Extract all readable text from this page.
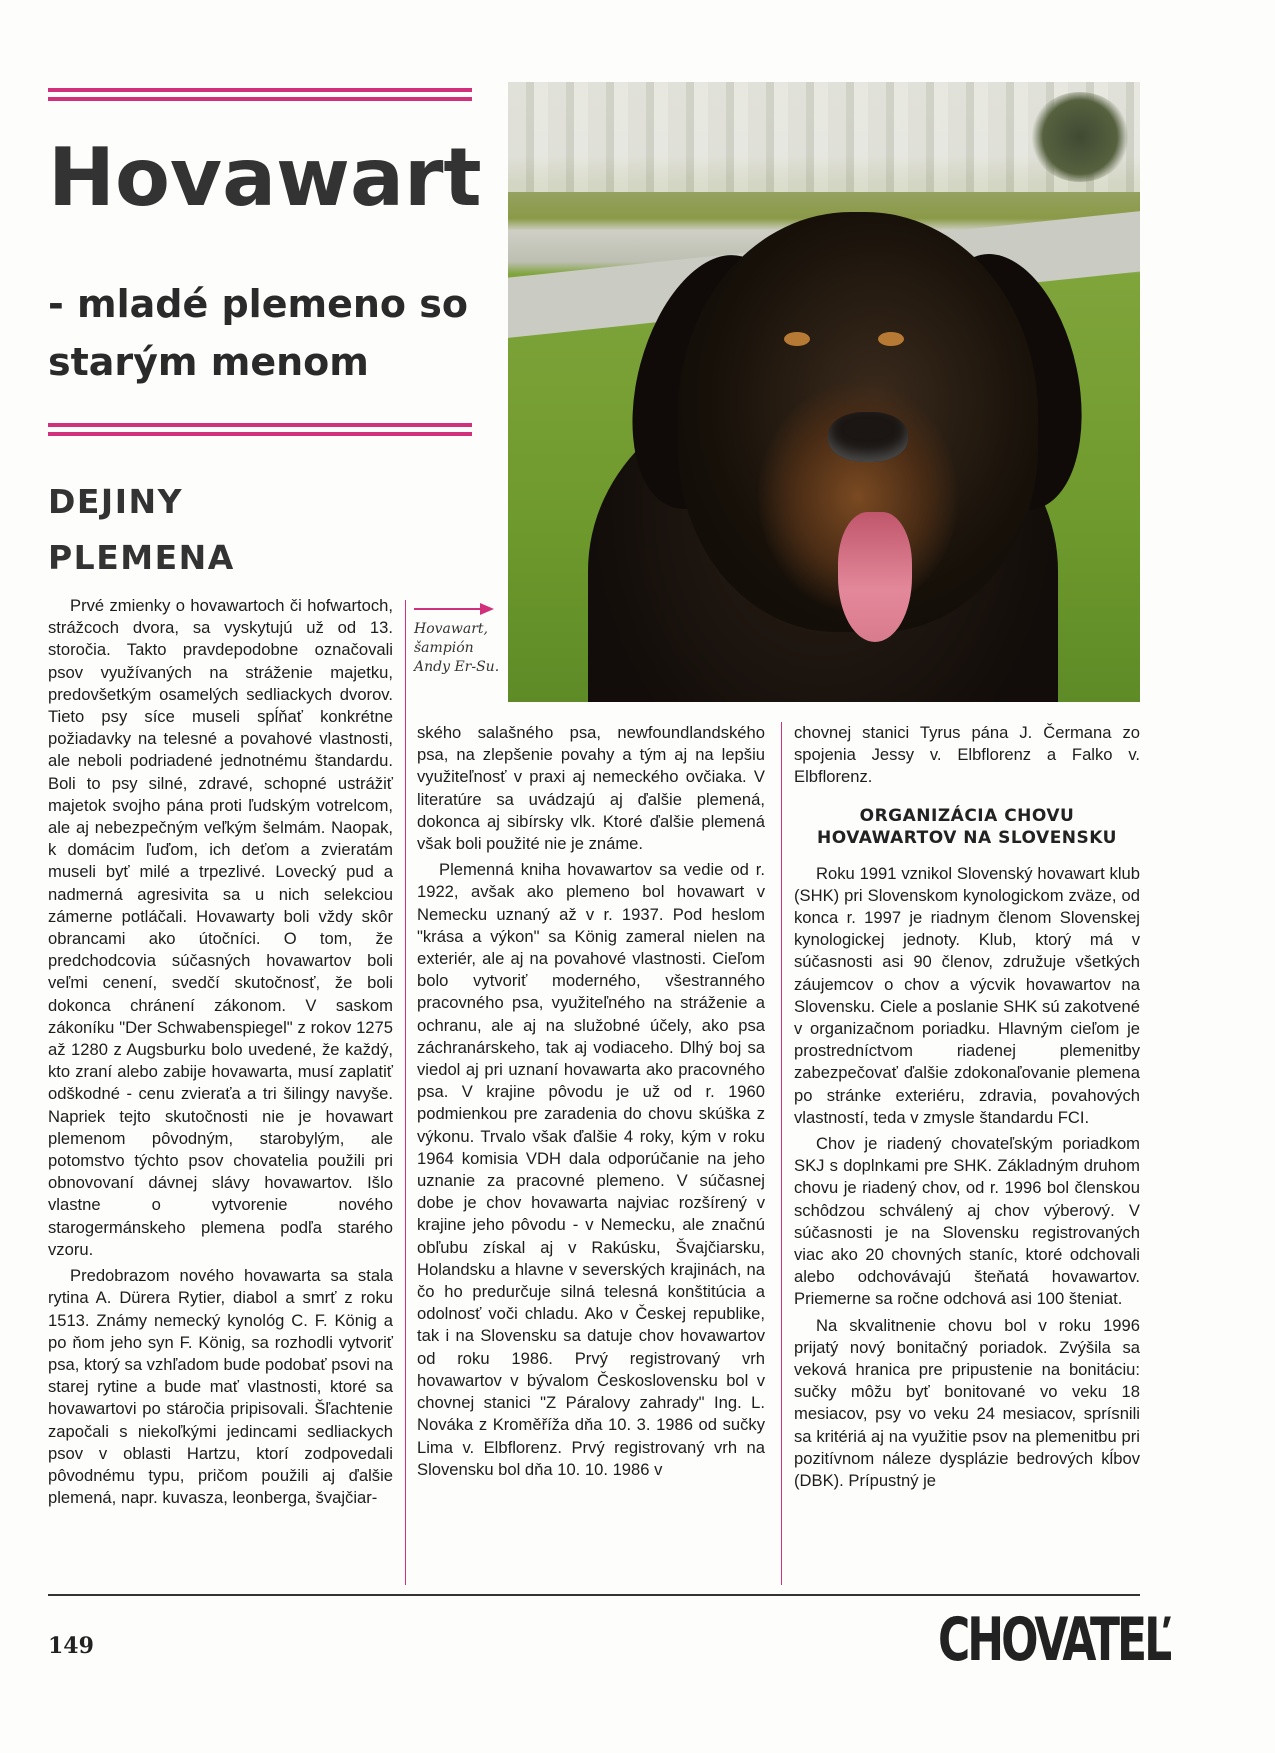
Hovawart
- mladé plemeno so starým menom
DEJINY PLEMENA

Hovawart, šampión Andy Er-Su.

Prvé zmienky o hovawartoch či hofwartoch, strážcoch dvora, sa vyskytujú už od 13. storočia. Takto pravdepodobne označovali psov využívaných na stráženie majetku, predovšetkým osamelých sedliackych dvorov. Tieto psy síce museli spĺňať konkrétne požiadavky na telesné a povahové vlastnosti, ale neboli podriadené jednotnému štandardu. Boli to psy silné, zdravé, schopné ustrážiť majetok svojho pána proti ľudským votrelcom, ale aj nebezpečným veľkým šelmám. Naopak, k domácim ľuďom, ich deťom a zvieratám museli byť milé a trpezlivé. Lovecký pud a nadmerná agresivita sa u nich selekciou zámerne potláčali. Hovawarty boli vždy skôr obrancami ako útočníci. O tom, že predchodcovia súčasných hovawartov boli veľmi cenení, svedčí skutočnosť, že boli dokonca chránení zákonom. V saskom zákoníku "Der Schwabenspiegel" z rokov 1275 až 1280 z Augsburku bolo uvedené, že každý, kto zraní alebo zabije hovawarta, musí zaplatiť odškodné - cenu zvieraťa a tri šilingy navyše. Napriek tejto skutočnosti nie je hovawart plemenom pôvodným, starobylým, ale potomstvo týchto psov chovatelia použili pri obnovovaní dávnej slávy hovawartov. Išlo vlastne o vytvorenie nového starogermánskeho plemena podľa starého vzoru.

Predobrazom nového hovawarta sa stala rytina A. Dürera Rytier, diabol a smrť z roku 1513. Známy nemecký kynológ C. F. König a po ňom jeho syn F. König, sa rozhodli vytvoriť psa, ktorý sa vzhľadom bude podobať psovi na starej rytine a bude mať vlastnosti, ktoré sa hovawartovi po stáročia pripisovali. Šľachtenie započali s niekoľkými jedincami sedliackych psov v oblasti Hartzu, ktorí zodpovedali pôvodnému typu, pričom použili aj ďalšie plemená, napr. kuvasza, leonberga, švajčiar-

ského salašného psa, newfoundlandského psa, na zlepšenie povahy a tým aj na lepšiu využiteľnosť v praxi aj nemeckého ovčiaka. V literatúre sa uvádzajú aj ďalšie plemená, dokonca aj sibírsky vlk. Ktoré ďalšie plemená však boli použité nie je známe.

Plemenná kniha hovawartov sa vedie od r. 1922, avšak ako plemeno bol hovawart v Nemecku uznaný až v r. 1937. Pod heslom "krása a výkon" sa König zameral nielen na exteriér, ale aj na povahové vlastnosti. Cieľom bolo vytvoriť moderného, všestranného pracovného psa, využiteľného na stráženie a ochranu, ale aj na služobné účely, ako psa záchranárskeho, tak aj vodiaceho. Dlhý boj sa viedol aj pri uznaní hovawarta ako pracovného psa. V krajine pôvodu je už od r. 1960 podmienkou pre zaradenia do chovu skúška z výkonu. Trvalo však ďalšie 4 roky, kým v roku 1964 komisia VDH dala odporúčanie na jeho uznanie za pracovné plemeno. V súčasnej dobe je chov hovawarta najviac rozšírený v krajine jeho pôvodu - v Nemecku, ale značnú obľubu získal aj v Rakúsku, Švajčiarsku, Holandsku a hlavne v severských krajinách, na čo ho predurčuje silná telesná konštitúcia a odolnosť voči chladu. Ako v Českej republike, tak i na Slovensku sa datuje chov hovawartov od roku 1986. Prvý registrovaný vrh hovawartov v bývalom Československu bol v chovnej stanici "Z Páralovy zahrady" Ing. L. Nováka z Kroměříža dňa 10. 3. 1986 od sučky Lima v. Elbflorenz. Prvý registrovaný vrh na Slovensku bol dňa 10. 10. 1986 v

chovnej stanici Tyrus pána J. Čermana zo spojenia Jessy v. Elbflorenz a Falko v. Elbflorenz.

ORGANIZÁCIA CHOVU HOVAWARTOV NA SLOVENSKU

Roku 1991 vznikol Slovenský hovawart klub (SHK) pri Slovenskom kynologickom zväze, od konca r. 1997 je riadnym členom Slovenskej kynologickej jednoty. Klub, ktorý má v súčasnosti asi 90 členov, združuje všetkých záujemcov o chov a výcvik hovawartov na Slovensku. Ciele a poslanie SHK sú zakotvené v organizačnom poriadku. Hlavným cieľom je prostredníctvom riadenej plemenitby zabezpečovať ďalšie zdokonaľovanie plemena po stránke exteriéru, zdravia, povahových vlastností, teda v zmysle štandardu FCI.

Chov je riadený chovateľským poriadkom SKJ s doplnkami pre SHK. Základným druhom chovu je riadený chov, od r. 1996 bol členskou schôdzou schválený aj chov výberový. V súčasnosti je na Slovensku registrovaných viac ako 20 chovných staníc, ktoré odchovali alebo odchovávajú šteňatá hovawartov. Priemerne sa ročne odchová asi 100 šteniat.

Na skvalitnenie chovu bol v roku 1996 prijatý nový bonitačný poriadok. Zvýšila sa veková hranica pre pripustenie na bonitáciu: sučky môžu byť bonitované vo veku 18 mesiacov, psy vo veku 24 mesiacov, sprísnili sa kritériá aj na využitie psov na plemenitbu pri pozitívnom náleze dysplázie bedrových kĺbov (DBK). Prípustný je

149	CHOVATEĽ
